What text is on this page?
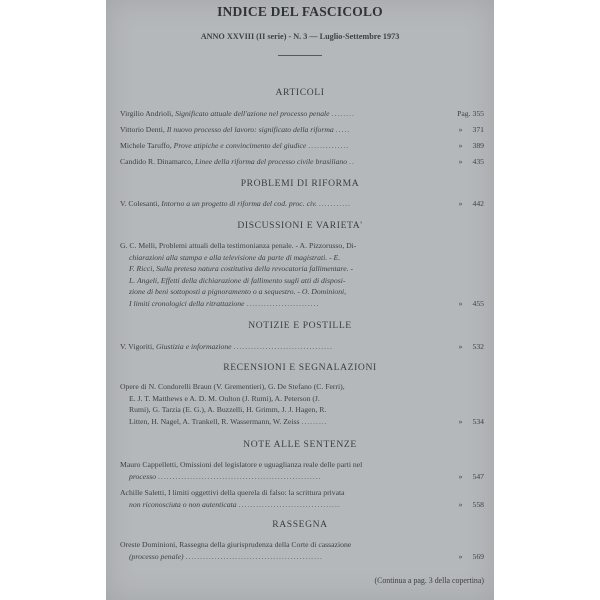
INDICE DEL FASCICOLO
ANNO XXVIII (II serie) - N. 3 — Luglio-Settembre 1973
ARTICOLI
Virgilio Andrioli, Significato attuale dell'azione nel processo penale ........	Pag. 355
Vittorio Denti, Il nuovo processo del lavoro: significato della riforma .....	» 371
Michele Taruffo, Prove atipiche e convincimento del giudice ..............	» 389
Candido R. Dinamarco, Linee della riforma del processo civile brasiliano ..	» 435
PROBLEMI DI RIFORMA
V. Colesanti, Intorno a un progetto di riforma del cod. proc. civ. ...........	» 442
DISCUSSIONI E VARIETA'
G. C. Melli, Problemi attuali della testimonianza penale. - A. Pizzorusso, Di-
chiarazioni alla stampa e alla televisione da parte di magistrati. - E.
F. Ricci, Sulla pretesa natura costitutiva della revocatoria fallimentare. -
L. Angeli, Effetti della dichiarazione di fallimento sugli atti di disposi-
zione di beni sottoposti a pignoramento o a sequestro. - O. Dominioni,
I limiti cronologici della ritrattazione .........................	» 455
NOTIZIE E POSTILLE
V. Vigoriti, Giustizia e informazione ..................................	» 532
RECENSIONI E SEGNALAZIONI
Opere di N. Condorelli Braun (V. Grementieri), G. De Stefano (C. Ferri),
E. J. T. Matthews e A. D. M. Oulton (J. Rumi), A. Peterson (J.
Rumi), G. Tarzia (E. G.), A. Buzzelli, H. Grimm, J. J. Hagen, R.
Litten, H. Nagel, A. Trankell, R. Wassermann, W. Zeiss .........	» 534
NOTE ALLE SENTENZE
Mauro Cappelletti, Omissioni del legislatore e uguaglianza reale delle parti nel
processo ........................................................	» 547
Achille Saletti, I limiti oggettivi della querela di falso: la scrittura privata
non riconosciuta o non autenticata ...................................	» 558
RASSEGNA
Oreste Dominioni, Rassegna della giurisprudenza della Corte di cassazione
(processo penale) ...............................................	» 569
(Continua a pag. 3 della copertina)
